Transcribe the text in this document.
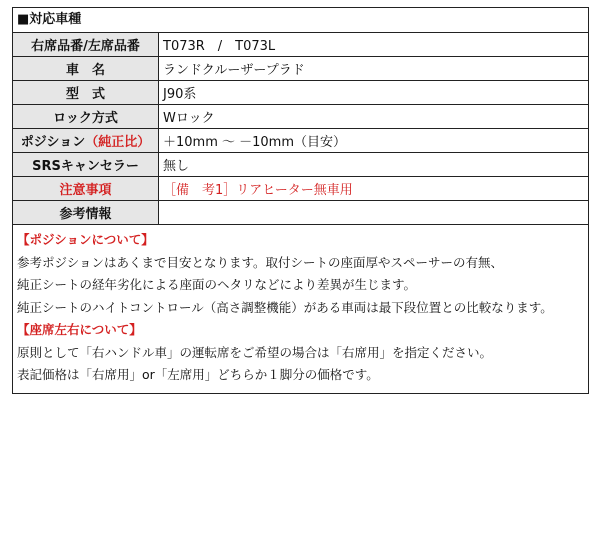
■対応車種
右席品番/左席品番	T073R　/　T073L
車　名	ランドクルーザープラド
型　式	J90系
ロック方式	Wロック
ポジション（純正比）	＋10mm 〜 －10mm（目安）
SRSキャンセラー	無し
注意事項	［備　考1］リアヒーター無車用
参考情報	
【ポジションについて】
参考ポジションはあくまで目安となります。取付シートの座面厚やスペーサーの有無、
純正シートの経年劣化による座面のヘタリなどにより差異が生じます。
純正シートのハイトコントロール（高さ調整機能）がある車両は最下段位置との比較なります。
【座席左右について】
原則として「右ハンドル車」の運転席をご希望の場合は「右席用」を指定ください。
表記価格は「右席用」or「左席用」どちらか１脚分の価格です。
